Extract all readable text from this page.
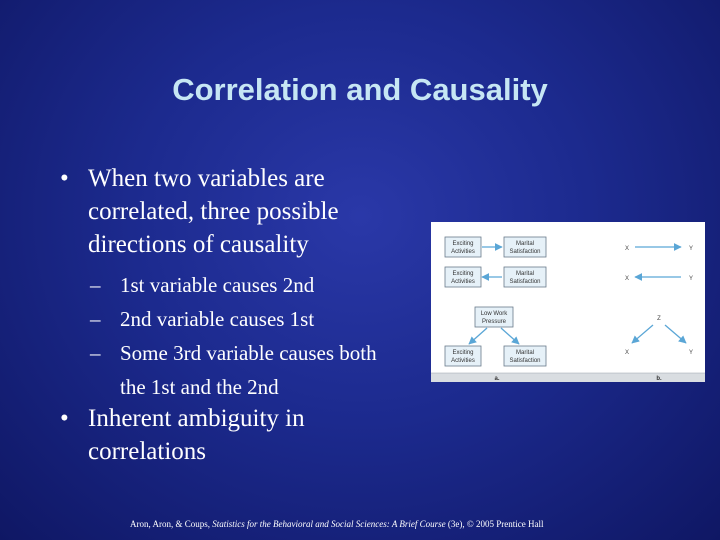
Correlation and Causality
• When two variables are correlated, three possible directions of causality
– 1st variable causes 2nd
– 2nd variable causes 1st
– Some 3rd variable causes both the 1st and the 2nd
• Inherent ambiguity in correlations
Exciting
Activities
Marital
Satisfaction
Exciting
Activities
Marital
Satisfaction
Low Work
Pressure
Exciting
Activities
Marital
Satisfaction
X	Y
X	Y
Z
X	Y
a.	b.
Aron, Aron, & Coups, Statistics for the Behavioral and Social Sciences: A Brief Course (3e), © 2005 Prentice Hall
